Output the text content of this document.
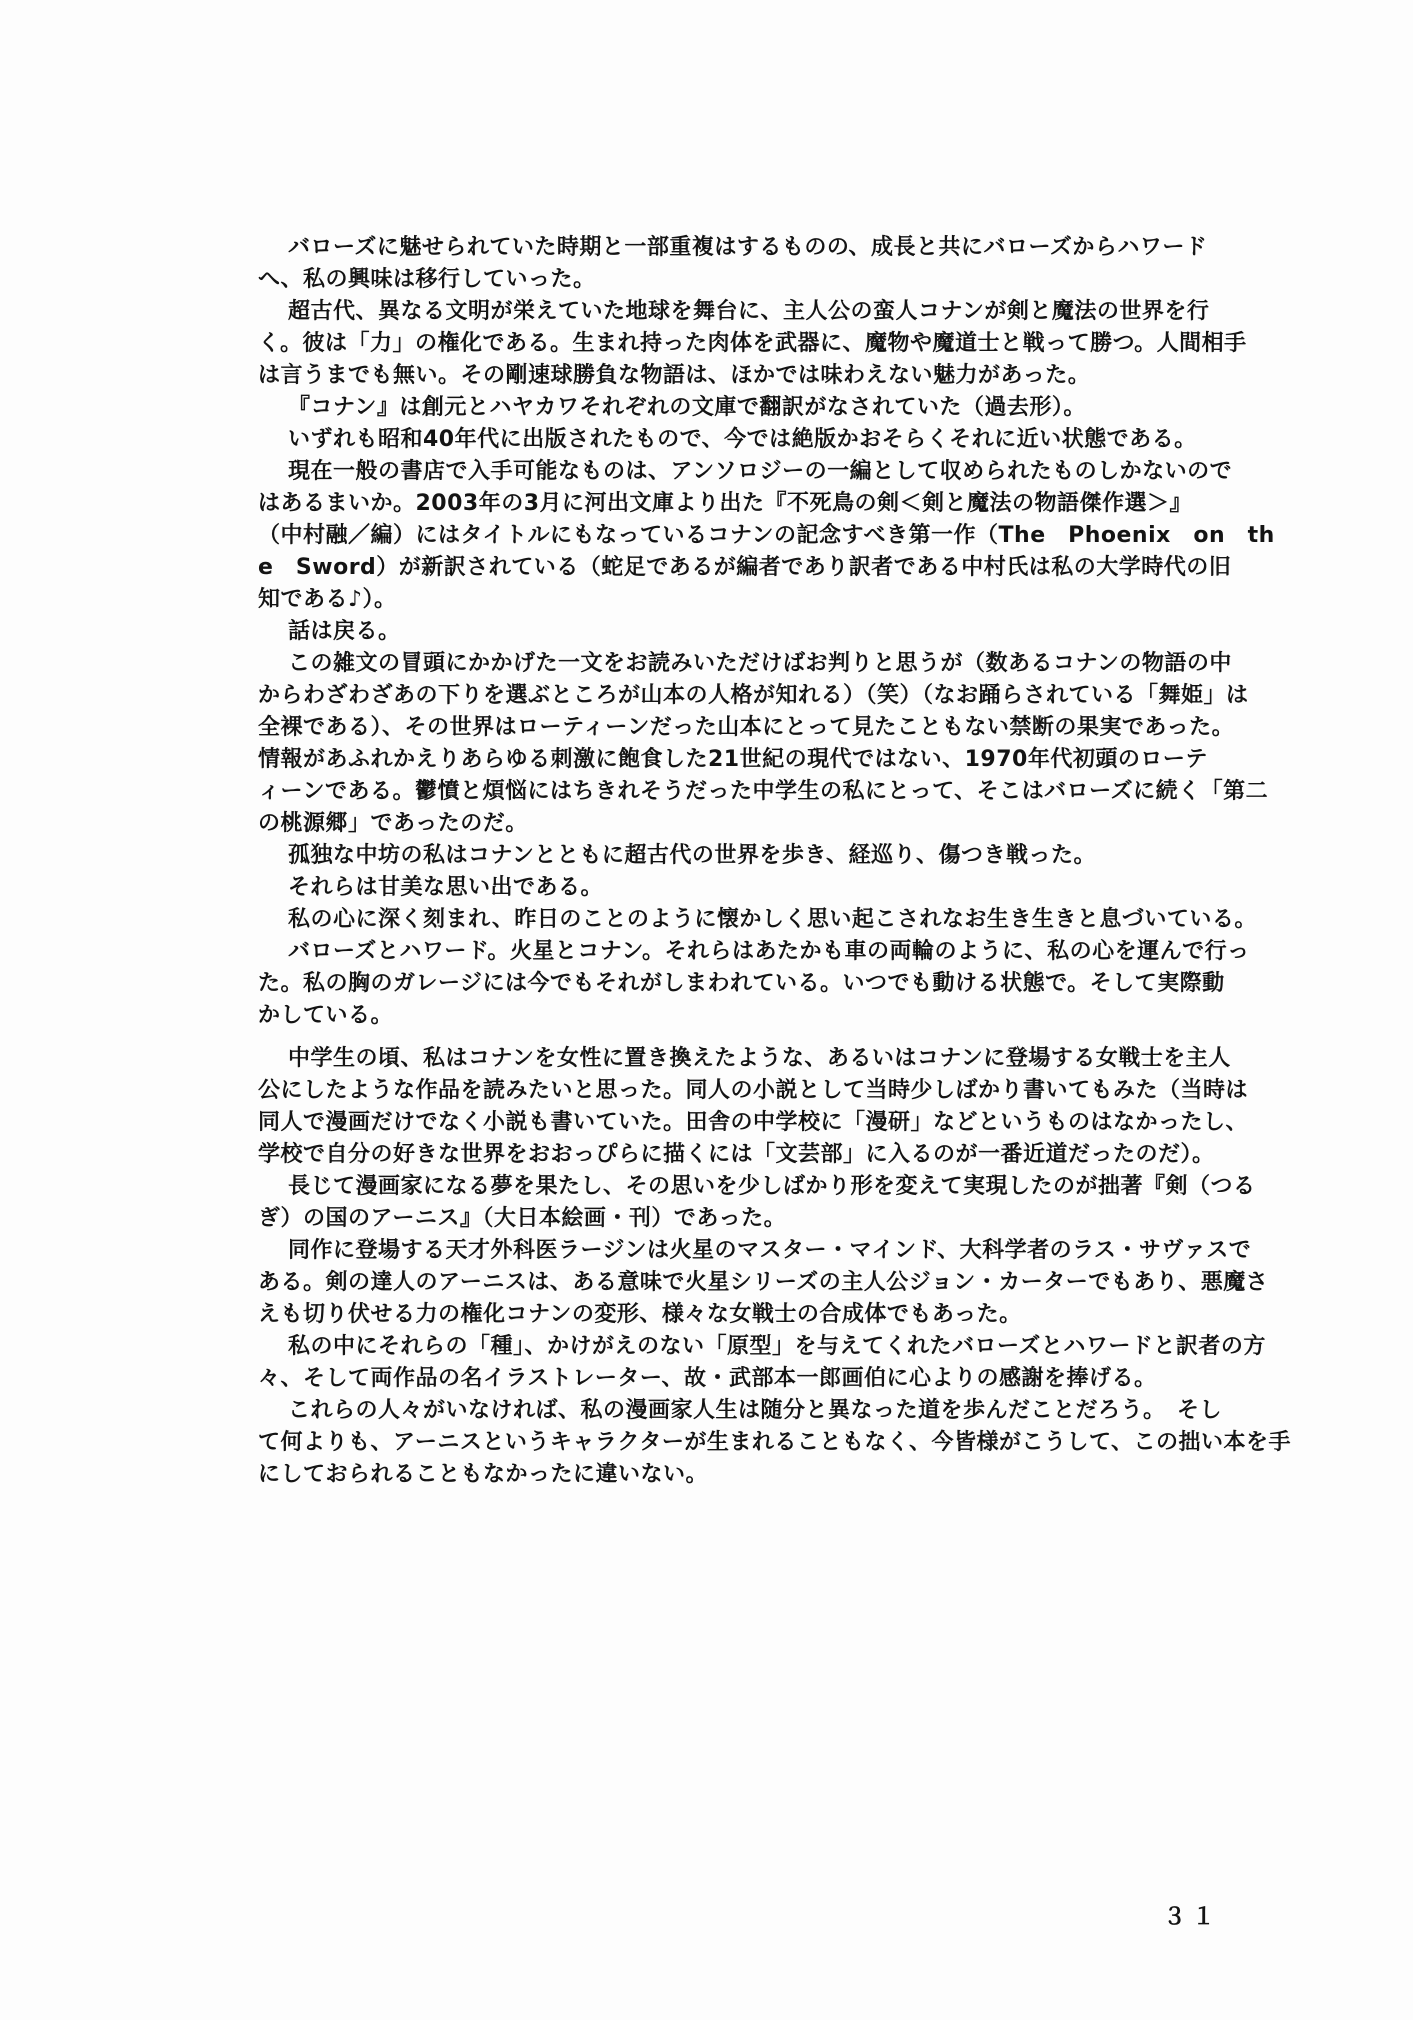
バローズに魅せられていた時期と一部重複はするものの、成長と共にバローズからハワード
へ、私の興味は移行していった。
超古代、異なる文明が栄えていた地球を舞台に、主人公の蛮人コナンが剣と魔法の世界を行
く。彼は「力」の権化である。生まれ持った肉体を武器に、魔物や魔道士と戦って勝つ。人間相手
は言うまでも無い。その剛速球勝負な物語は、ほかでは味わえない魅力があった。
『コナン』は創元とハヤカワそれぞれの文庫で翻訳がなされていた（過去形）。
いずれも昭和40年代に出版されたもので、今では絶版かおそらくそれに近い状態である。
現在一般の書店で入手可能なものは、アンソロジーの一編として収められたものしかないので
はあるまいか。2003年の3月に河出文庫より出た『不死鳥の剣＜剣と魔法の物語傑作選＞』
（中村融／編）にはタイトルにもなっているコナンの記念すべき第一作（The　Phoenix　on　th
e　Sword）が新訳されている（蛇足であるが編者であり訳者である中村氏は私の大学時代の旧
知である♪）。
話は戻る。
この雑文の冒頭にかかげた一文をお読みいただけばお判りと思うが（数あるコナンの物語の中
からわざわざあの下りを選ぶところが山本の人格が知れる）（笑）（なお踊らされている「舞姫」は
全裸である）、その世界はローティーンだった山本にとって見たこともない禁断の果実であった。
情報があふれかえりあらゆる刺激に飽食した21世紀の現代ではない、1970年代初頭のローテ
ィーンである。鬱憤と煩悩にはちきれそうだった中学生の私にとって、そこはバローズに続く「第二
の桃源郷」であったのだ。
孤独な中坊の私はコナンとともに超古代の世界を歩き、経巡り、傷つき戦った。
それらは甘美な思い出である。
私の心に深く刻まれ、昨日のことのように懐かしく思い起こされなお生き生きと息づいている。
バローズとハワード。火星とコナン。それらはあたかも車の両輪のように、私の心を運んで行っ
た。私の胸のガレージには今でもそれがしまわれている。いつでも動ける状態で。そして実際動
かしている。
中学生の頃、私はコナンを女性に置き換えたような、あるいはコナンに登場する女戦士を主人
公にしたような作品を読みたいと思った。同人の小説として当時少しばかり書いてもみた（当時は
同人で漫画だけでなく小説も書いていた。田舎の中学校に「漫研」などというものはなかったし、
学校で自分の好きな世界をおおっぴらに描くには「文芸部」に入るのが一番近道だったのだ）。
長じて漫画家になる夢を果たし、その思いを少しばかり形を変えて実現したのが拙著『剣（つる
ぎ）の国のアーニス』（大日本絵画・刊）であった。
同作に登場する天才外科医ラージンは火星のマスター・マインド、大科学者のラス・サヴァスで
ある。剣の達人のアーニスは、ある意味で火星シリーズの主人公ジョン・カーターでもあり、悪魔さ
えも切り伏せる力の権化コナンの変形、様々な女戦士の合成体でもあった。
私の中にそれらの「種」、かけがえのない「原型」を与えてくれたバローズとハワードと訳者の方
々、そして両作品の名イラストレーター、故・武部本一郎画伯に心よりの感謝を捧げる。
これらの人々がいなければ、私の漫画家人生は随分と異なった道を歩んだことだろう。　そし
て何よりも、アーニスというキャラクターが生まれることもなく、今皆様がこうして、この拙い本を手
にしておられることもなかったに違いない。
３１
